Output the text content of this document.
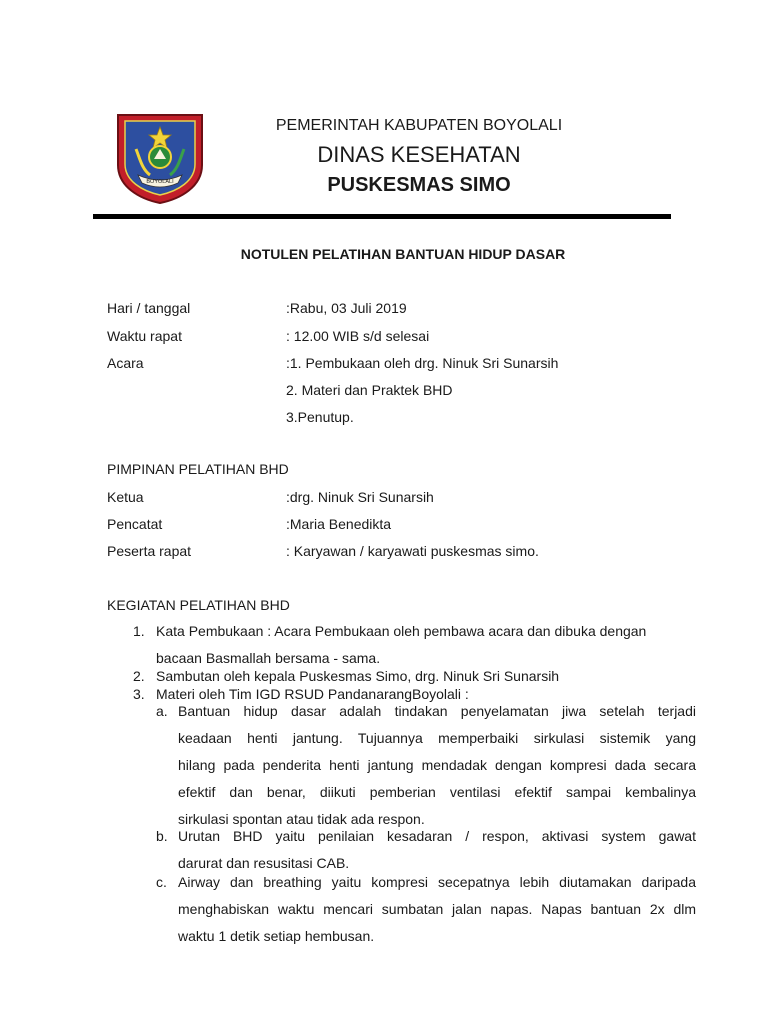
BOYOLALI
PEMERINTAH KABUPATEN BOYOLALI
DINAS KESEHATAN
PUSKESMAS SIMO
NOTULEN PELATIHAN BANTUAN HIDUP DASAR
Hari / tanggal	:Rabu, 03 Juli 2019
Waktu rapat	: 12.00 WIB s/d selesai
Acara	:1. Pembukaan oleh drg. Ninuk Sri Sunarsih
2. Materi dan Praktek BHD
3.Penutup.
PIMPINAN PELATIHAN BHD
Ketua	:drg. Ninuk Sri Sunarsih
Pencatat	:Maria Benedikta
Peserta rapat	: Karyawan / karyawati puskesmas simo.
KEGIATAN PELATIHAN BHD
1. Kata Pembukaan : Acara Pembukaan oleh pembawa acara dan dibuka dengan
bacaan Basmallah bersama - sama.
2. Sambutan oleh kepala Puskesmas Simo, drg. Ninuk Sri Sunarsih
3. Materi oleh Tim IGD RSUD PandanarangBoyolali :
a. Bantuan hidup dasar adalah tindakan penyelamatan jiwa setelah terjadi
keadaan henti jantung. Tujuannya memperbaiki sirkulasi sistemik yang
hilang pada penderita henti jantung mendadak dengan kompresi dada secara
efektif dan benar, diikuti pemberian ventilasi efektif sampai kembalinya
sirkulasi spontan atau tidak ada respon.
b. Urutan BHD yaitu penilaian kesadaran / respon, aktivasi system gawat
darurat dan resusitasi CAB.
c. Airway dan breathing yaitu kompresi secepatnya lebih diutamakan daripada
menghabiskan waktu mencari sumbatan jalan napas. Napas bantuan 2x dlm
waktu 1 detik setiap hembusan.
